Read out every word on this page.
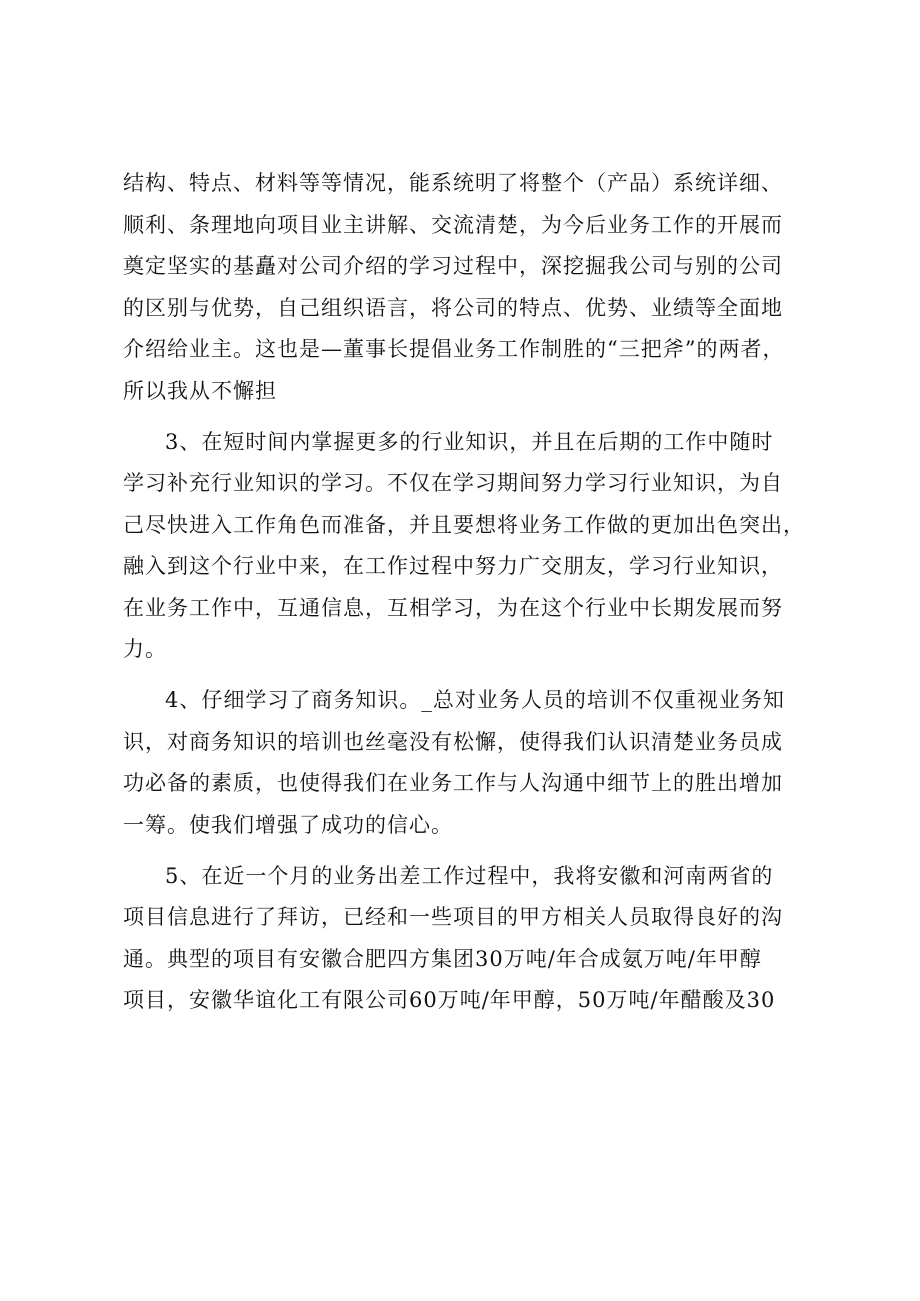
结构、特点、材料等等情况，能系统明了将整个（产品）系统详细、
顺利、条理地向项目业主讲解、交流清楚，为今后业务工作的开展而
奠定坚实的基矗对公司介绍的学习过程中，深挖掘我公司与别的公司
的区别与优势，自己组织语言，将公司的特点、优势、业绩等全面地
介绍给业主。这也是—董事长提倡业务工作制胜的“三把斧”的两者，
所以我从不懈担
3、在短时间内掌握更多的行业知识，并且在后期的工作中随时
学习补充行业知识的学习。不仅在学习期间努力学习行业知识，为自
己尽快进入工作角色而准备，并且要想将业务工作做的更加出色突出，
融入到这个行业中来，在工作过程中努力广交朋友，学习行业知识，
在业务工作中，互通信息，互相学习，为在这个行业中长期发展而努
力。
4、仔细学习了商务知识。_总对业务人员的培训不仅重视业务知
识，对商务知识的培训也丝毫没有松懈，使得我们认识清楚业务员成
功必备的素质，也使得我们在业务工作与人沟通中细节上的胜出增加
一筹。使我们增强了成功的信心。
5、在近一个月的业务出差工作过程中，我将安徽和河南两省的
项目信息进行了拜访，已经和一些项目的甲方相关人员取得良好的沟
通。典型的项目有安徽合肥四方集团30万吨/年合成氨万吨/年甲醇
项目，安徽华谊化工有限公司60万吨/年甲醇，50万吨/年醋酸及30
